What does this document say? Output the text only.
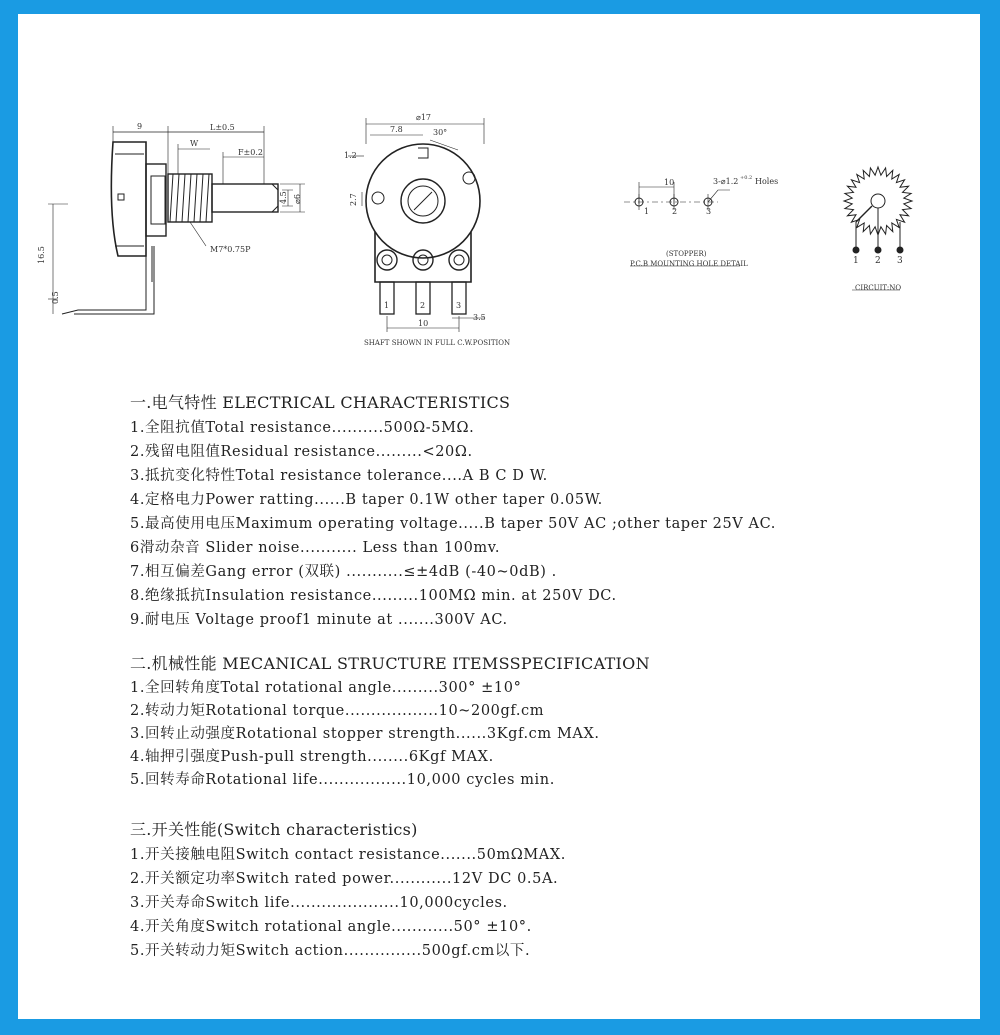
9	L±0.5
W
F±0.2
16.5
0.5
4.5 ⌀6
M7*0.75P
⌀17
7.8	30°
1.2
2.7
1	2	3
10
3.5
SHAFT SHOWN IN FULL C.W.POSITION
10	3-⌀1.2 +0.2 Holes
1	2	3
(STOPPER)
P.C.B MOUNTING HOLE DETAIL	1 2 3
CIRCUIT:NO
一.电气特性 ELECTRICAL CHARACTERISTICS
1.全阻抗值Total resistance..........500Ω-5MΩ.
2.残留电阻值Residual resistance.........<20Ω.
3.抵抗变化特性Total resistance tolerance....A B C D W.
4.定格电力Power ratting......B taper 0.1W other taper 0.05W.
5.最高使用电压Maximum operating voltage.....B taper 50V AC ;other taper 25V AC.
6滑动杂音 Slider noise........... Less than 100mv.
7.相互偏差Gang error (双联) ...........≤±4dB (-40~0dB) .
8.绝缘抵抗Insulation resistance.........100MΩ min. at 250V DC.
9.耐电压 Voltage proof1 minute at .......300V AC.
二.机械性能 MECANICAL STRUCTURE ITEMSSPECIFICATION
1.全回转角度Total rotational angle.........300° ±10°
2.转动力矩Rotational torque..................10~200gf.cm
3.回转止动强度Rotational stopper strength......3Kgf.cm MAX.
4.轴押引强度Push-pull strength........6Kgf MAX.
5.回转寿命Rotational life.................10,000 cycles min.
三.开关性能(Switch characteristics)
1.开关接触电阻Switch contact resistance.......50mΩMAX.
2.开关额定功率Switch rated power............12V DC 0.5A.
3.开关寿命Switch life.....................10,000cycles.
4.开关角度Switch rotational angle............50° ±10°.
5.开关转动力矩Switch action...............500gf.cm以下.
